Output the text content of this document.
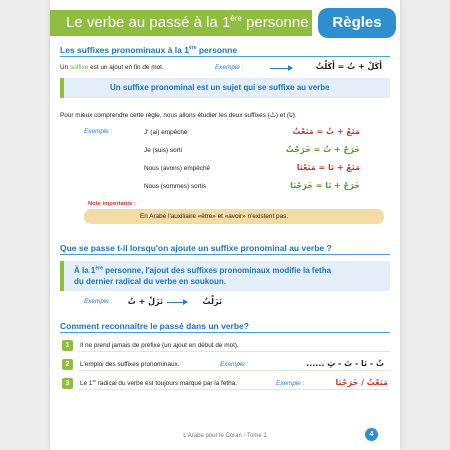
Le verbe au passé à la 1ère personne	Règles
Les suffixes pronominaux à la 1ère personne
Un suffixe est un ajout en fin de mot.	Exemple :	أَكَلْ + تُ = أَكَلْتُ
Un suffixe pronominal est un sujet qui se suffixe au verbe
Pour mieux comprendre cette règle, nous allons étudier les deux suffixes (تُ) et (نَا).
Exemple :	J' (ai) empêché	مَنَعْ + تُ = مَنَعْتُ
Je (suis) sorti	خَرَجْ + تُ = خَرَجْتُ
Nous (avons) empêché	مَنَعْ + نَا = مَنَعْنَا
Nous (sommes) sortis	خَرَجْ + نَا = خَرَجْنَا
Note importante :
En Arabe l'auxiliaire «être» et «avoir» n'existent pas.
Que se passe t-il lorsqu'on ajoute un suffixe pronominal au verbe ?
À la 1ère personne, l'ajout des suffixes pronominaux modifie la fetha
du dernier radical du verbe en soukoun.
Exemple :	نَزَلْ + تُ	نَزَلْتُ
Comment reconnaître le passé dans un verbe?
1	Il ne prend jamais de préfixe (un ajout en début de mot).
2	L'emploi des suffixes pronominaux.	Exemple :	تُ - نَا - تَ - تِ ......
3	Le 1er radical du verbe est toujours marqué par la fetha.	Exemple :	مَنَعْتُ / خَرَجْنَا
L'Arabe pour le Coran - Tome 1	4
